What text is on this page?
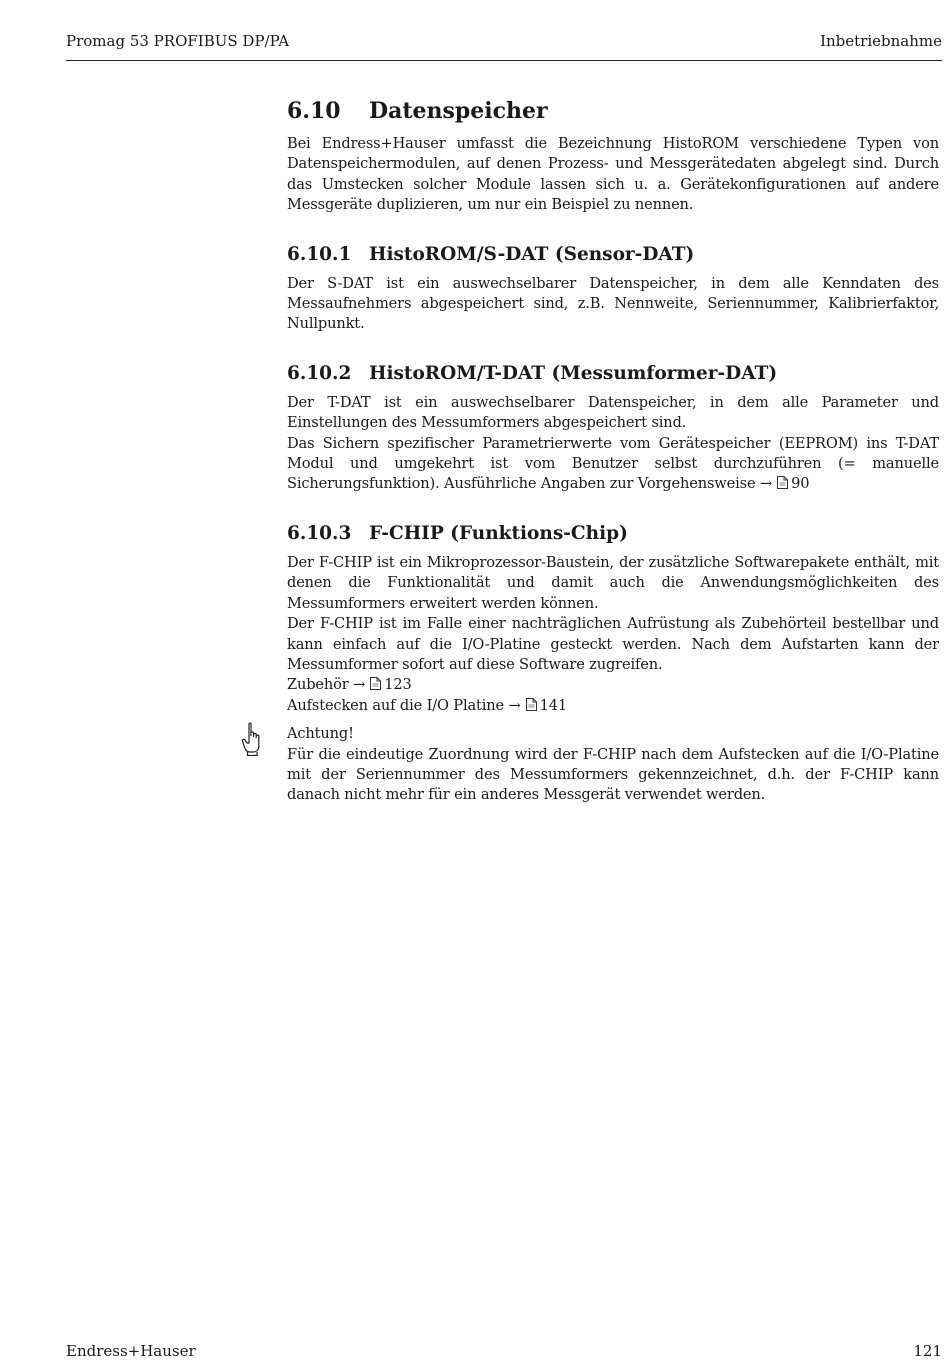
Promag 53 PROFIBUS DP/PA	Inbetriebnahme
6.10 Datenspeicher

Bei Endress+Hauser umfasst die Bezeichnung HistoROM verschiedene Typen von Datenspeichermodulen, auf denen Prozess- und Messgerätedaten abgelegt sind. Durch das Umstecken solcher Module lassen sich u. a. Gerätekonfigurationen auf andere Messgeräte duplizieren, um nur ein Beispiel zu nennen.

6.10.1 HistoROM/S-DAT (Sensor-DAT)

Der S-DAT ist ein auswechselbarer Datenspeicher, in dem alle Kenndaten des Messaufnehmers abgespeichert sind, z.B. Nennweite, Seriennummer, Kalibrierfaktor, Nullpunkt.

6.10.2 HistoROM/T-DAT (Messumformer-DAT)

Der T-DAT ist ein auswechselbarer Datenspeicher, in dem alle Parameter und Einstellungen des Messumformers abgespeichert sind.

Das Sichern spezifischer Parametrierwerte vom Gerätespeicher (EEPROM) ins T-DAT Modul und umgekehrt ist vom Benutzer selbst durchzuführen (= manuelle Sicherungsfunktion). Ausführliche Angaben zur Vorgehensweise → 90

6.10.3 F-CHIP (Funktions-Chip)

Der F-CHIP ist ein Mikroprozessor-Baustein, der zusätzliche Softwarepakete enthält, mit denen die Funktionalität und damit auch die Anwendungsmöglichkeiten des Messumformers erweitert werden können.

Der F-CHIP ist im Falle einer nachträglichen Aufrüstung als Zubehörteil bestellbar und kann einfach auf die I/O-Platine gesteckt werden. Nach dem Aufstarten kann der Messumformer sofort auf diese Software zugreifen.

Zubehör → 123

Aufstecken auf die I/O Platine → 141

Achtung!

Für die eindeutige Zuordnung wird der F-CHIP nach dem Aufstecken auf die I/O-Platine mit der Seriennummer des Messumformers gekennzeichnet, d.h. der F-CHIP kann danach nicht mehr für ein anderes Messgerät verwendet werden.

Endress+Hauser	121
